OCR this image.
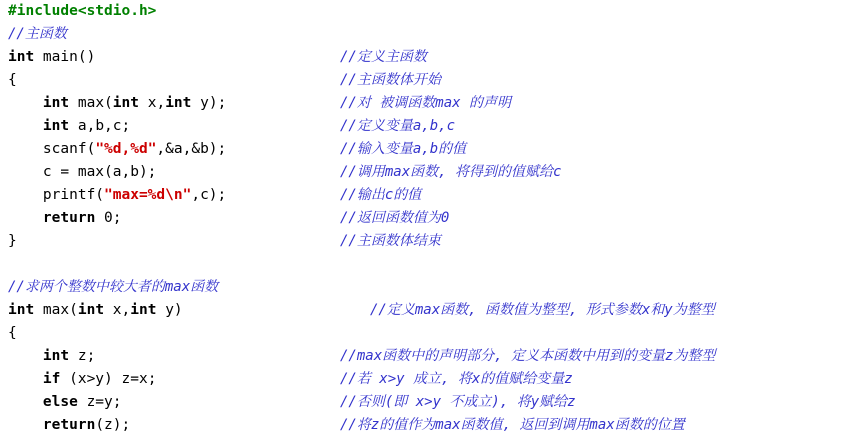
#include<stdio.h>
//主函数
int main()	//定义主函数
{	//主函数体开始
int max(int x,int y);	//对 被调函数max 的声明
int a,b,c;	//定义变量a,b,c
scanf("%d,%d",&a,&b);	//输入变量a,b的值
c = max(a,b);	//调用max函数, 将得到的值赋给c
printf("max=%d\n",c);	//输出c的值
return 0;	//返回函数值为0
}	//主函数体结束
//求两个整数中较大者的max函数
int max(int x,int y)	//定义max函数, 函数值为整型, 形式参数x和y为整型
{
int z;	//max函数中的声明部分, 定义本函数中用到的变量z为整型
if (x>y) z=x;	//若 x>y 成立, 将x的值赋给变量z
else z=y;	//否则(即 x>y 不成立), 将y赋给z
return(z);	//将z的值作为max函数值, 返回到调用max函数的位置
